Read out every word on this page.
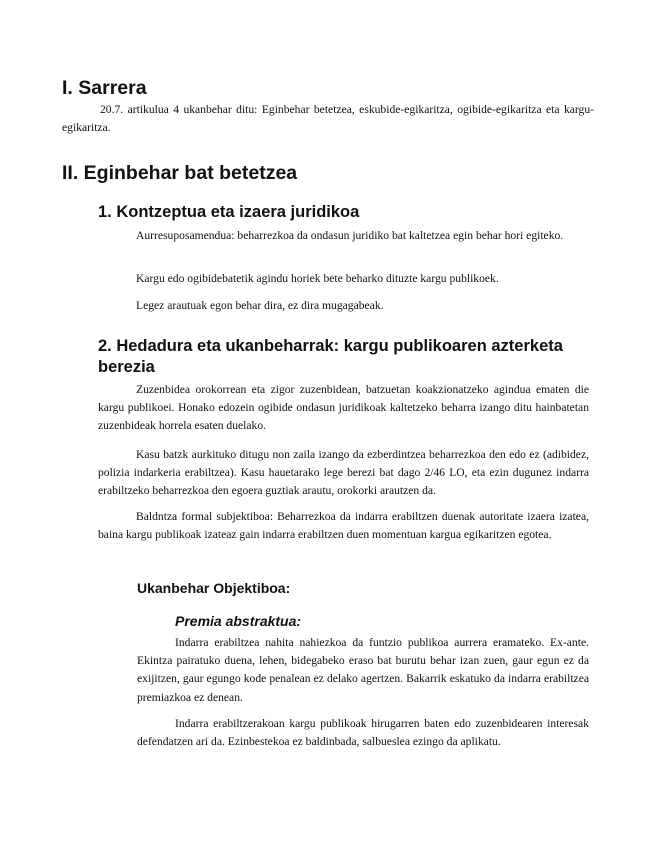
I. Sarrera

20.7. artikulua 4 ukanbehar ditu: Eginbehar betetzea, eskubide-egikaritza, ogibide-egikaritza eta kargu-egikaritza.

II. Eginbehar bat betetzea
1. Kontzeptua eta izaera juridikoa

Aurresuposamendua: beharrezkoa da ondasun juridiko bat kaltetzea egin behar hori egiteko.

Kargu edo ogibidebatetik agindu horiek bete beharko dituzte kargu publikoek.

Legez arautuak egon behar dira, ez dira mugagabeak.

2. Hedadura eta ukanbeharrak: kargu publikoaren azterketa berezia

Zuzenbidea orokorrean eta zigor zuzenbidean, batzuetan koakzionatzeko agindua ematen die kargu publikoei. Honako edozein ogibide ondasun juridikoak kaltetzeko beharra izango ditu hainbatetan zuzenbideak horrela esaten duelako.

Kasu batzk aurkituko ditugu non zaila izango da ezberdintzea beharrezkoa den edo ez (adibidez, polizia indarkeria erabiltzea). Kasu hauetarako lege berezi bat dago 2/46 LO, eta ezin dugunez indarra erabiltzeko beharrezkoa den egoera guztiak arautu, orokorki arautzen da.

Baldntza formal subjektiboa: Beharrezkoa da indarra erabiltzen duenak autoritate izaera izatea, baina kargu publikoak izateaz gain indarra erabiltzen duen momentuan kargua egikaritzen egotea.

Ukanbehar Objektiboa:
Premia abstraktua:

Indarra erabiltzea nahita nahiezkoa da funtzio publikoa aurrera eramateko. Ex-ante. Ekintza pairatuko duena, lehen, bidegabeko eraso bat burutu behar izan zuen, gaur egun ez da exijitzen, gaur egungo kode penalean ez delako agertzen. Bakarrik eskatuko da indarra erabiltzea premiazkoa ez denean.

Indarra erabiltzerakoan kargu publikoak hirugarren baten edo zuzenbidearen interesak defendatzen ari da. Ezinbestekoa ez baldinbada, salbueslea ezingo da aplikatu.
